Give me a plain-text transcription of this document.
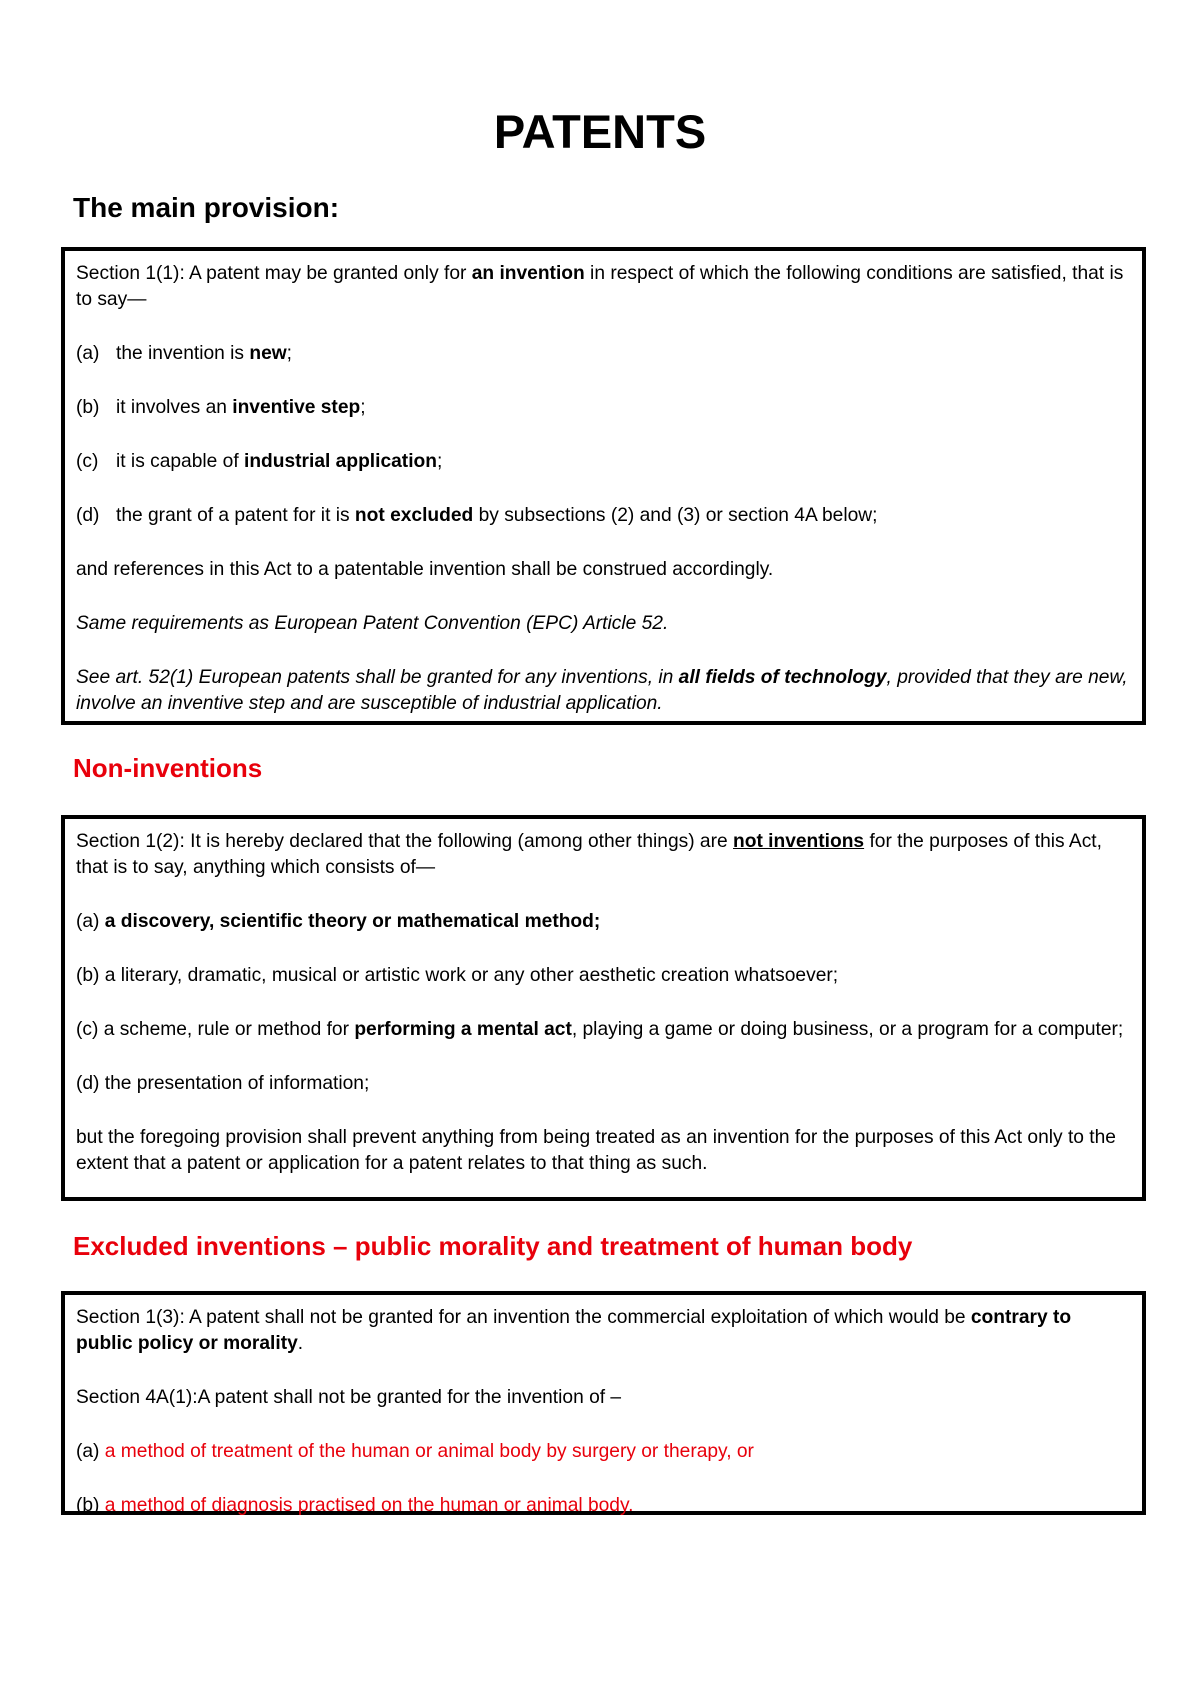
PATENTS
The main provision:

Section 1(1): A patent may be granted only for an invention in respect of which the following conditions are satisfied, that is to say—

(a) the invention is new;

(b) it involves an inventive step;

(c) it is capable of industrial application;

(d) the grant of a patent for it is not excluded by subsections (2) and (3) or section 4A below;

and references in this Act to a patentable invention shall be construed accordingly.

Same requirements as European Patent Convention (EPC) Article 52.

See art. 52(1) European patents shall be granted for any inventions, in all fields of technology, provided that they are new, involve an inventive step and are susceptible of industrial application.

Non-inventions

Section 1(2): It is hereby declared that the following (among other things) are not inventions for the purposes of this Act, that is to say, anything which consists of—

(a) a discovery, scientific theory or mathematical method;

(b) a literary, dramatic, musical or artistic work or any other aesthetic creation whatsoever;

(c) a scheme, rule or method for performing a mental act, playing a game or doing business, or a program for a computer;

(d) the presentation of information;

but the foregoing provision shall prevent anything from being treated as an invention for the purposes of this Act only to the extent that a patent or application for a patent relates to that thing as such.

Excluded inventions – public morality and treatment of human body

Section 1(3): A patent shall not be granted for an invention the commercial exploitation of which would be contrary to public policy or morality.

Section 4A(1):A patent shall not be granted for the invention of –

(a) a method of treatment of the human or animal body by surgery or therapy, or

(b) a method of diagnosis practised on the human or animal body.
